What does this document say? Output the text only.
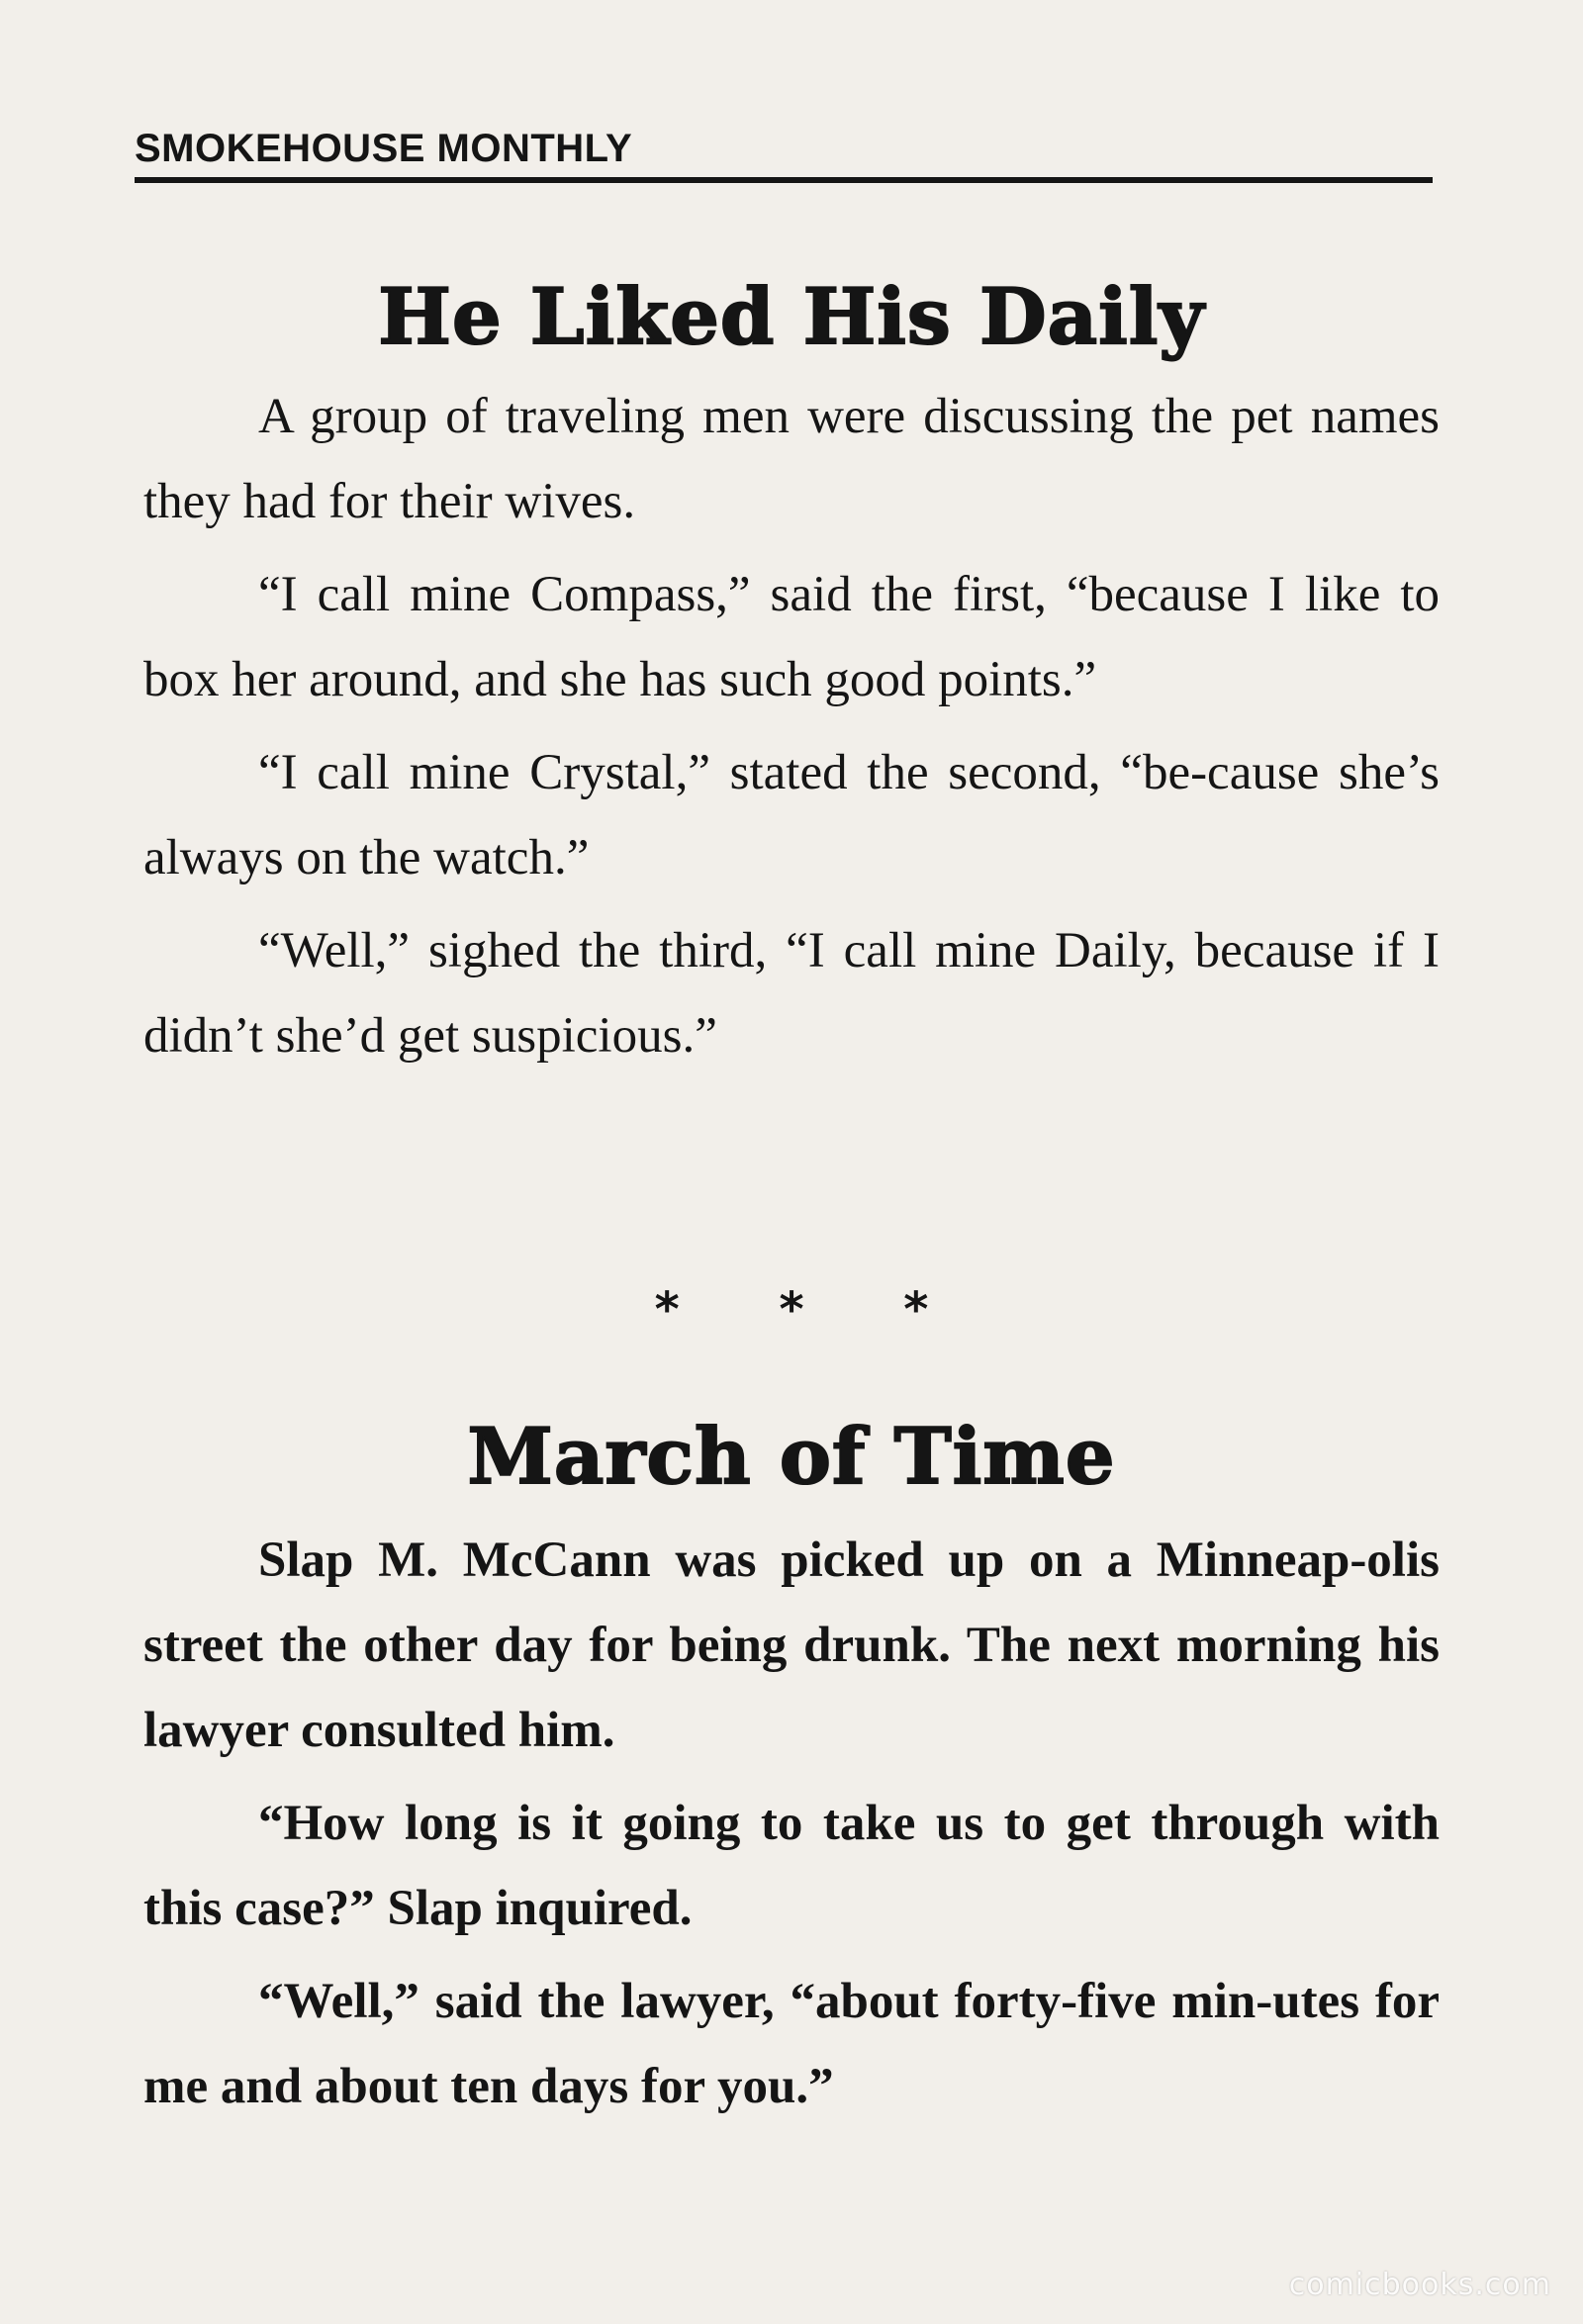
SMOKEHOUSE MONTHLY
He Liked His Daily

A group of traveling men were discussing the pet names they had for their wives.

“I call mine Compass,” said the first, “because I like to box her around, and she has such good points.”

“I call mine Crystal,” stated the second, “be-cause she’s always on the watch.”

“Well,” sighed the third, “I call mine Daily, because if I didn’t she’d get suspicious.”

* * *
March of Time

Slap M. McCann was picked up on a Minneap-olis street the other day for being drunk. The next morning his lawyer consulted him.

“How long is it going to take us to get through with this case?” Slap inquired.

“Well,” said the lawyer, “about forty-five min-utes for me and about ten days for you.”

comicbooks.com
